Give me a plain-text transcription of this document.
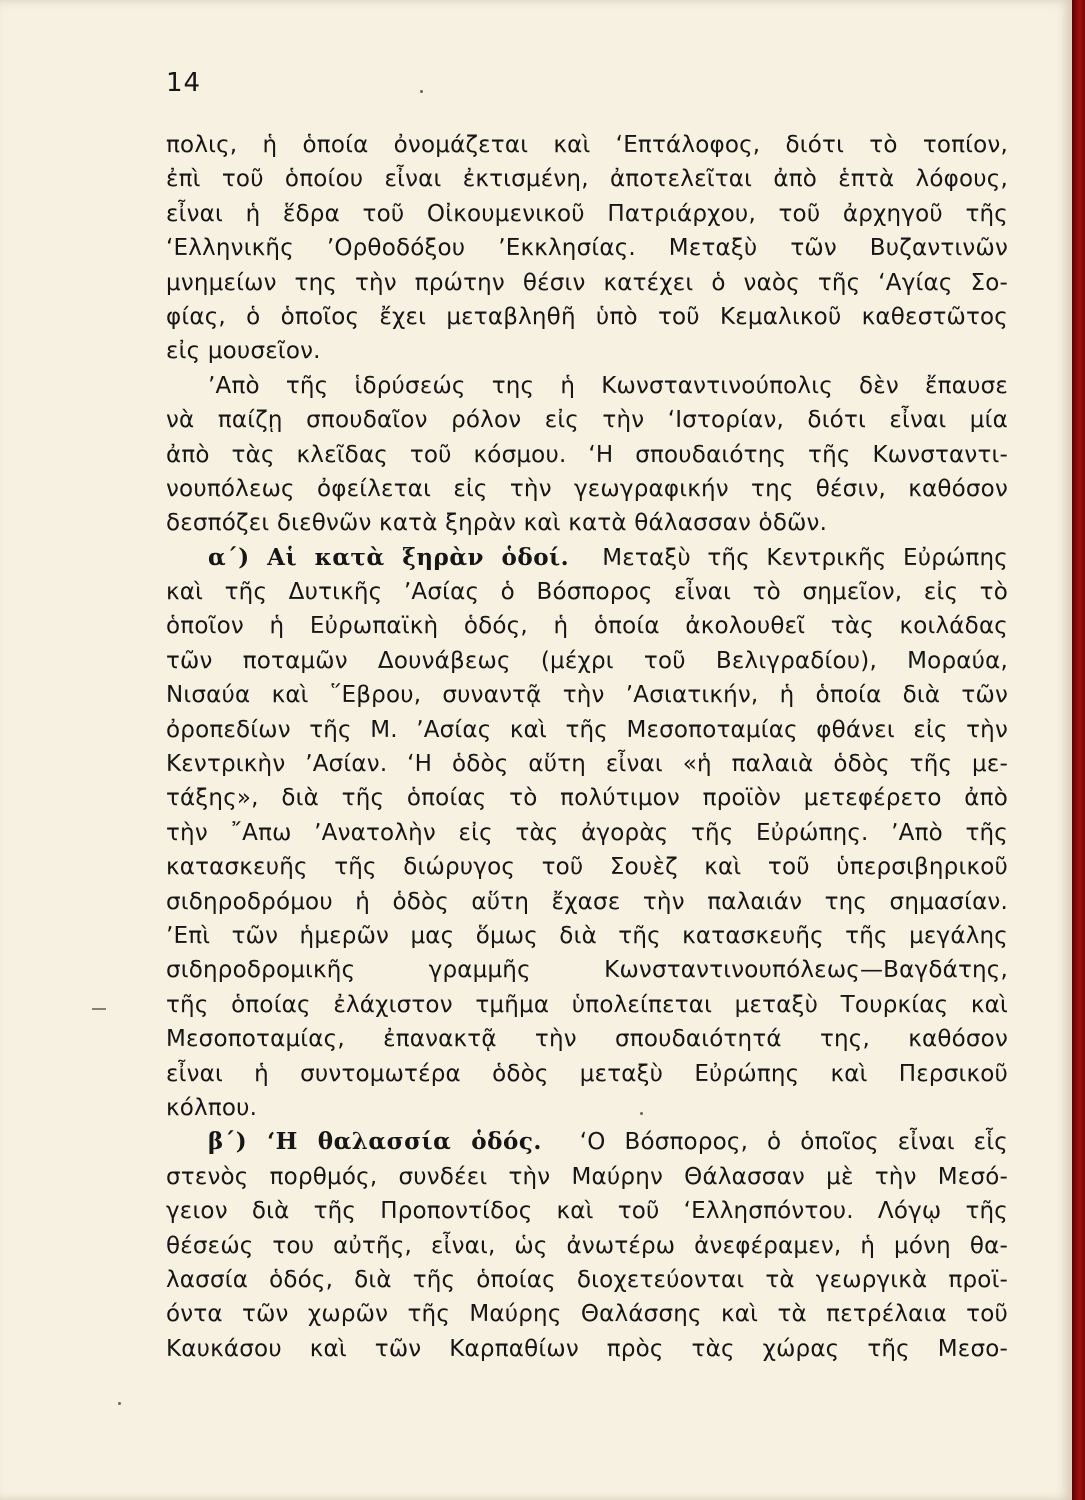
14
πολις, ἡ ὁποία ὀνομάζεται καὶ ʻΕπτάλοφος, διότι τὸ τοπίον,
ἐπὶ τοῦ ὁποίου εἶναι ἐκτισμένη, ἀποτελεῖται ἀπὸ ἑπτὰ λόφους,
εἶναι ἡ ἕδρα τοῦ Οἰκουμενικοῦ Πατριάρχου, τοῦ ἀρχηγοῦ τῆς
ʻΕλληνικῆς ʼΟρθοδόξου ʼΕκκλησίας. Μεταξὺ τῶν Βυζαντινῶν
μνημείων της τὴν πρώτην θέσιν κατέχει ὁ ναὸς τῆς ʻΑγίας Σο-
φίας, ὁ ὁποῖος ἔχει μεταβληθῆ ὑπὸ τοῦ Κεμαλικοῦ καθεστῶτος
εἰς μουσεῖον.
ʼΑπὸ τῆς ἱδρύσεώς της ἡ Κωνσταντινούπολις δὲν ἔπαυσε
νὰ παίζῃ σπουδαῖον ρόλον εἰς τὴν ʻΙστορίαν, διότι εἶναι μία
ἀπὸ τὰς κλεῖδας τοῦ κόσμου. ʻΗ σπουδαιότης τῆς Κωνσταντι-
νουπόλεως ὀφείλεται εἰς τὴν γεωγραφικήν της θέσιν, καθόσον
δεσπόζει διεθνῶν κατὰ ξηρὰν καὶ κατὰ θάλασσαν ὁδῶν.
α΄) Αἱ κατὰ ξηρὰν ὁδοί. Μεταξὺ τῆς Κεντρικῆς Εὐρώπης
καὶ τῆς Δυτικῆς ʼΑσίας ὁ Βόσπορος εἶναι τὸ σημεῖον, εἰς τὸ
ὁποῖον ἡ Εὐρωπαϊκὴ ὁδός, ἡ ὁποία ἀκολουθεῖ τὰς κοιλάδας
τῶν ποταμῶν Δουνάβεως (μέχρι τοῦ Βελιγραδίου), Μοραύα,
Νισαύα καὶ ῞Εβρου, συναντᾷ τὴν ʼΑσιατικήν, ἡ ὁποία διὰ τῶν
ὀροπεδίων τῆς Μ. ʼΑσίας καὶ τῆς Μεσοποταμίας φθάνει εἰς τὴν
Κεντρικὴν ʼΑσίαν. ʻΗ ὁδὸς αὕτη εἶναι «ἡ παλαιὰ ὁδὸς τῆς με-
τάξης», διὰ τῆς ὁποίας τὸ πολύτιμον προϊὸν μετεφέρετο ἀπὸ
τὴν ῎Απω ʼΑνατολὴν εἰς τὰς ἀγορὰς τῆς Εὐρώπης. ʼΑπὸ τῆς
κατασκευῆς τῆς διώρυγος τοῦ Σουὲζ καὶ τοῦ ὑπερσιβηρικοῦ
σιδηροδρόμου ἡ ὁδὸς αὕτη ἔχασε τὴν παλαιάν της σημασίαν.
ʼΕπὶ τῶν ἡμερῶν μας ὅμως διὰ τῆς κατασκευῆς τῆς μεγάλης
σιδηροδρομικῆς γραμμῆς Κωνσταντινουπόλεως—Βαγδάτης,
τῆς ὁποίας ἐλάχιστον τμῆμα ὑπολείπεται μεταξὺ Τουρκίας καὶ
Μεσοποταμίας, ἐπανακτᾷ τὴν σπουδαιότητά της, καθόσον
εἶναι ἡ συντομωτέρα ὁδὸς μεταξὺ Εὐρώπης καὶ Περσικοῦ
κόλπου.
β΄) ʻΗ θαλασσία ὁδός. ʻΟ Βόσπορος, ὁ ὁποῖος εἶναι εἷς
στενὸς πορθμός, συνδέει τὴν Μαύρην Θάλασσαν μὲ τὴν Μεσό-
γειον διὰ τῆς Προποντίδος καὶ τοῦ ʻΕλλησπόντου. Λόγῳ τῆς
θέσεώς του αὐτῆς, εἶναι, ὡς ἀνωτέρω ἀνεφέραμεν, ἡ μόνη θα-
λασσία ὁδός, διὰ τῆς ὁποίας διοχετεύονται τὰ γεωργικὰ προϊ-
όντα τῶν χωρῶν τῆς Μαύρης Θαλάσσης καὶ τὰ πετρέλαια τοῦ
Καυκάσου καὶ τῶν Καρπαθίων πρὸς τὰς χώρας τῆς Μεσο-
